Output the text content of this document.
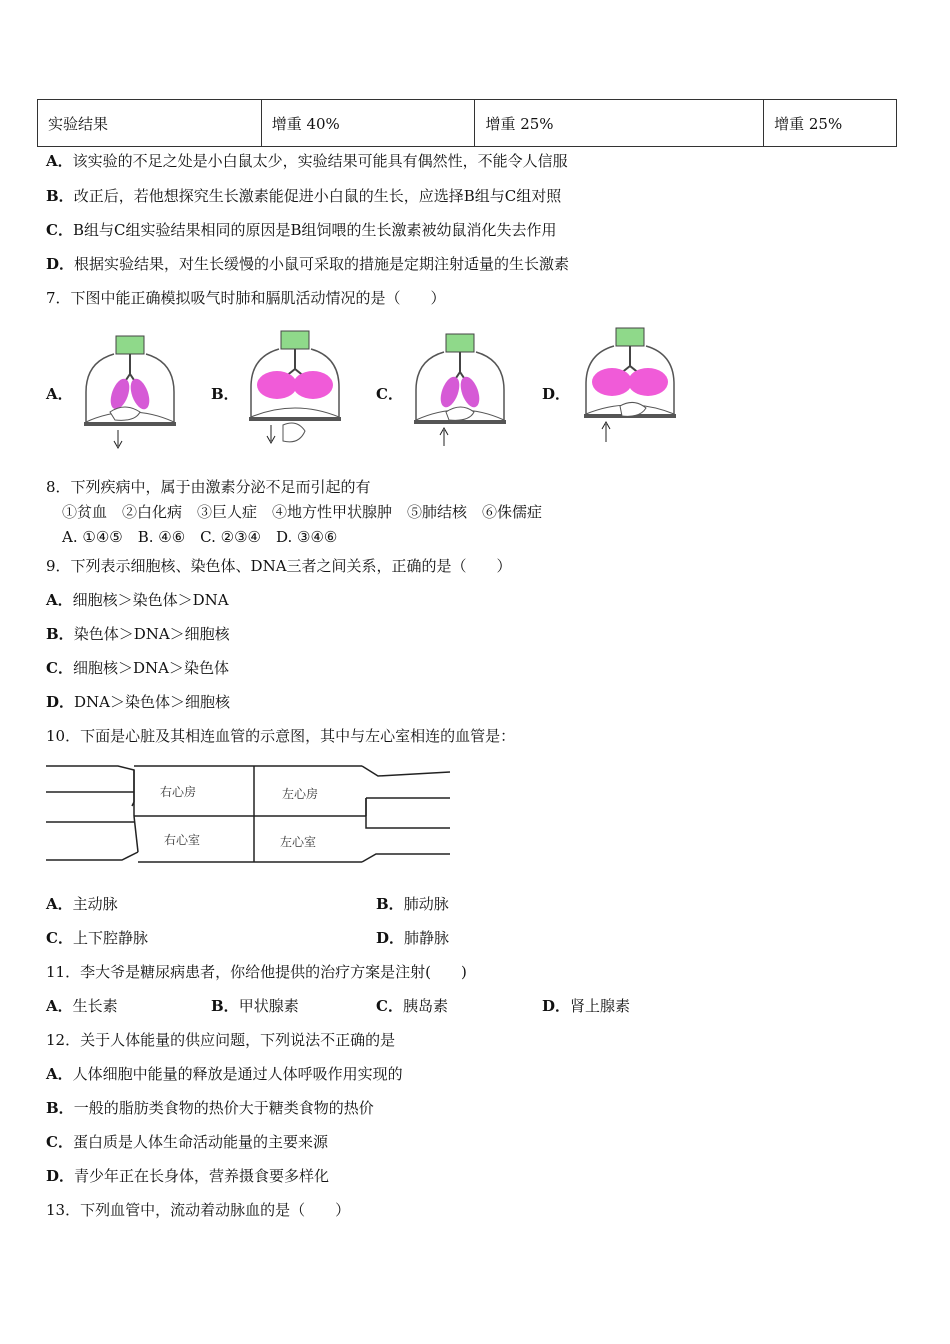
实验结果	增重 40%	增重 25%	增重 25%
A．该实验的不足之处是小白鼠太少，实验结果可能具有偶然性，不能令人信服
B．改正后，若他想探究生长激素能促进小白鼠的生长，应选择B组与C组对照
C．B组与C组实验结果相同的原因是B组饲喂的生长激素被幼鼠消化失去作用
D．根据实验结果，对生长缓慢的小鼠可采取的措施是定期注射适量的生长激素
7．下图中能正确模拟吸气时肺和膈肌活动情况的是（　　）
A．	B．	C．	D．
8．下列疾病中，属于由激素分泌不足而引起的有
①贫血　②白化病　③巨人症　④地方性甲状腺肿　⑤肺结核　⑥侏儒症
A. ①④⑤　B. ④⑥　C. ②③④　D. ③④⑥
9．下列表示细胞核、染色体、DNA三者之间关系，正确的是（　　）
A．细胞核＞染色体＞DNA
B．染色体＞DNA＞细胞核
C．细胞核＞DNA＞染色体
D．DNA＞染色体＞细胞核
10．下面是心脏及其相连血管的示意图，其中与左心室相连的血管是：
右心房	左心房
右心室	左心室
A．主动脉	B．肺动脉
C．上下腔静脉	D．肺静脉
11．李大爷是糖尿病患者，你给他提供的治疗方案是注射(　　)
A．生长素	B．甲状腺素	C．胰岛素	D．肾上腺素
12．关于人体能量的供应问题，下列说法不正确的是
A．人体细胞中能量的释放是通过人体呼吸作用实现的
B．一般的脂肪类食物的热价大于糖类食物的热价
C．蛋白质是人体生命活动能量的主要来源
D．青少年正在长身体，营养摄食要多样化
13．下列血管中，流动着动脉血的是（　　）
